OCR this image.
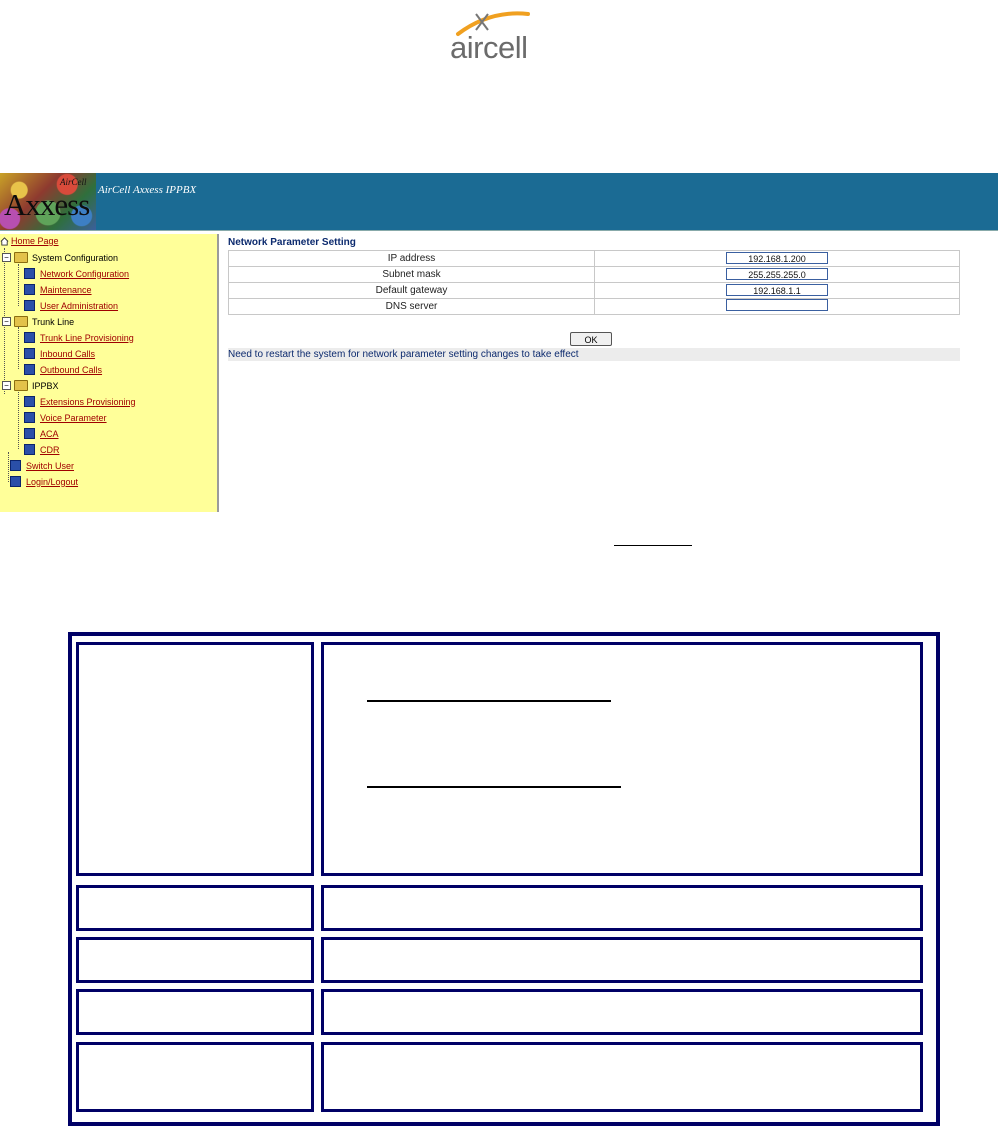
aircell
AirCell
Axxess AirCell Axxess IPPBX
Home Page
−	System Configuration
Network Configuration
Maintenance
User Administration
−	Trunk Line
Trunk Line Provisioning
Inbound Calls
Outbound Calls
−	IPPBX
Extensions Provisioning
Voice Parameter
ACA
CDR
Switch User
Login/Logout
Network Parameter Setting
IP address	192.168.1.200
Subnet mask	255.255.255.0
Default gateway	192.168.1.1
DNS server	
OK
Need to restart the system for network parameter setting changes to take effect
